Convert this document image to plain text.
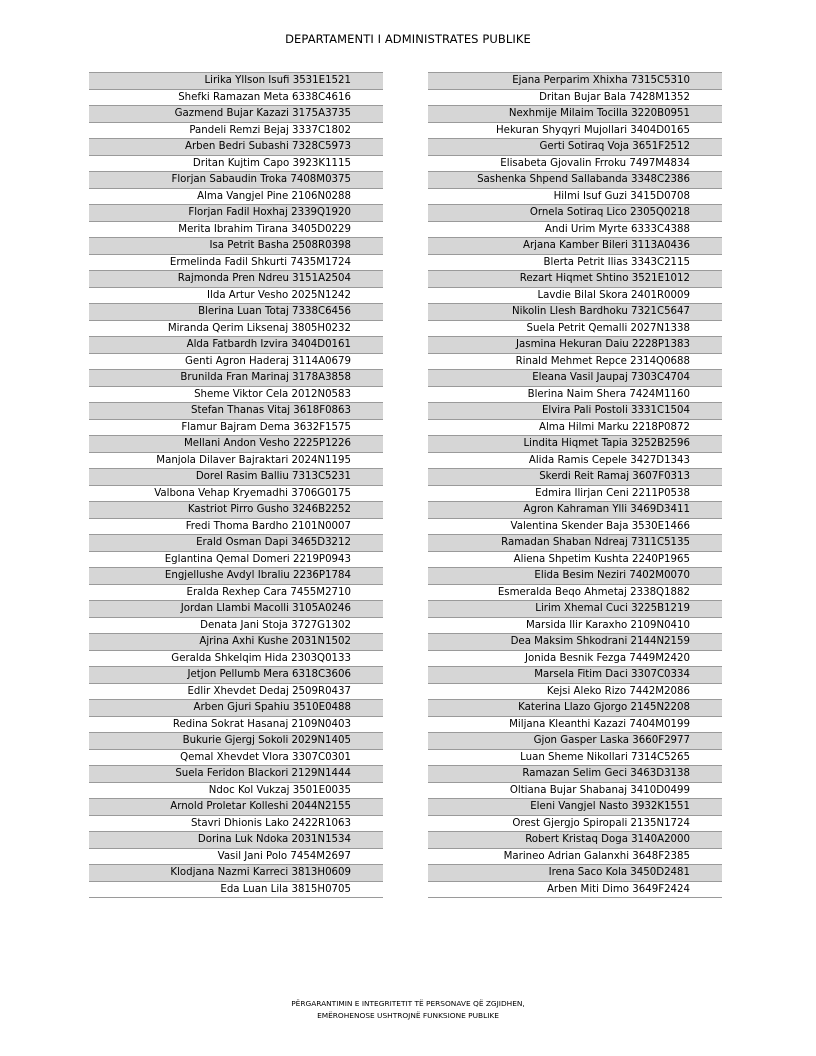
DEPARTAMENTI I ADMINISTRATES PUBLIKE
Lirika Yllson Isufi 3531E1521
Shefki Ramazan Meta 6338C4616
Gazmend Bujar Kazazi 3175A3735
Pandeli Remzi Bejaj 3337C1802
Arben Bedri Subashi 7328C5973
Dritan Kujtim Capo 3923K1115
Florjan Sabaudin Troka 7408M0375
Alma Vangjel Pine 2106N0288
Florjan Fadil Hoxhaj 2339Q1920
Merita Ibrahim Tirana 3405D0229
Isa Petrit Basha 2508R0398
Ermelinda Fadil Shkurti 7435M1724
Rajmonda Pren Ndreu 3151A2504
Ilda Artur Vesho 2025N1242
Blerina Luan Totaj 7338C6456
Miranda Qerim Liksenaj 3805H0232
Alda Fatbardh Izvira 3404D0161
Genti Agron Haderaj 3114A0679
Brunilda Fran Marinaj 3178A3858
Sheme Viktor Cela 2012N0583
Stefan Thanas Vitaj 3618F0863
Flamur Bajram Dema 3632F1575
Mellani Andon Vesho 2225P1226
Manjola Dilaver Bajraktari 2024N1195
Dorel Rasim Balliu 7313C5231
Valbona Vehap Kryemadhi 3706G0175
Kastriot Pirro Gusho 3246B2252
Fredi Thoma Bardho 2101N0007
Erald Osman Dapi 3465D3212
Eglantina Qemal Domeri 2219P0943
Engjellushe Avdyl Ibraliu 2236P1784
Eralda Rexhep Cara 7455M2710
Jordan Llambi Macolli 3105A0246
Denata Jani Stoja 3727G1302
Ajrina Axhi Kushe 2031N1502
Geralda Shkelqim Hida 2303Q0133
Jetjon Pellumb Mera 6318C3606
Edlir Xhevdet Dedaj 2509R0437
Arben Gjuri Spahiu 3510E0488
Redina Sokrat Hasanaj 2109N0403
Bukurie Gjergj Sokoli 2029N1405
Qemal Xhevdet Vlora 3307C0301
Suela Feridon Blackori 2129N1444
Ndoc Kol Vukzaj 3501E0035
Arnold Proletar Kolleshi 2044N2155
Stavri Dhionis Lako 2422R1063
Dorina Luk Ndoka 2031N1534
Vasil Jani Polo 7454M2697
Klodjana Nazmi Karreci 3813H0609
Eda Luan Lila 3815H0705
Ejana Perparim Xhixha 7315C5310
Dritan Bujar Bala 7428M1352
Nexhmije Milaim Tocilla 3220B0951
Hekuran Shyqyri Mujollari 3404D0165
Gerti Sotiraq Voja 3651F2512
Elisabeta Gjovalin Frroku 7497M4834
Sashenka Shpend Sallabanda 3348C2386
Hilmi Isuf Guzi 3415D0708
Ornela Sotiraq Lico 2305Q0218
Andi Urim Myrte 6333C4388
Arjana Kamber Bileri 3113A0436
Blerta Petrit Ilias 3343C2115
Rezart Hiqmet Shtino 3521E1012
Lavdie Bilal Skora 2401R0009
Nikolin Llesh Bardhoku 7321C5647
Suela Petrit Qemalli 2027N1338
Jasmina Hekuran Daiu 2228P1383
Rinald Mehmet Repce 2314Q0688
Eleana Vasil Jaupaj 7303C4704
Blerina Naim Shera 7424M1160
Elvira Pali Postoli 3331C1504
Alma Hilmi Marku 2218P0872
Lindita Hiqmet Tapia 3252B2596
Alida Ramis Cepele 3427D1343
Skerdi Reit Ramaj 3607F0313
Edmira Ilirjan Ceni 2211P0538
Agron Kahraman Ylli 3469D3411
Valentina Skender Baja 3530E1466
Ramadan Shaban Ndreaj 7311C5135
Aliena Shpetim Kushta 2240P1965
Elida Besim Neziri 7402M0070
Esmeralda Beqo Ahmetaj 2338Q1882
Lirim Xhemal Cuci 3225B1219
Marsida Ilir Karaxho 2109N0410
Dea Maksim Shkodrani 2144N2159
Jonida Besnik Fezga 7449M2420
Marsela Fitim Daci 3307C0334
Kejsi Aleko Rizo 7442M2086
Katerina Llazo Gjorgo 2145N2208
Miljana Kleanthi Kazazi 7404M0199
Gjon Gasper Laska 3660F2977
Luan Sheme Nikollari 7314C5265
Ramazan Selim Geci 3463D3138
Oltiana Bujar Shabanaj 3410D0499
Eleni Vangjel Nasto 3932K1551
Orest Gjergjo Spiropali 2135N1724
Robert Kristaq Doga 3140A2000
Marineo Adrian Galanxhi 3648F2385
Irena Saco Kola 3450D2481
Arben Miti Dimo 3649F2424
PËRGARANTIMIN E INTEGRITETIT TË PERSONAVE QË ZGJIDHEN,
EMËROHENOSE USHTROJNË FUNKSIONE PUBLIKE
